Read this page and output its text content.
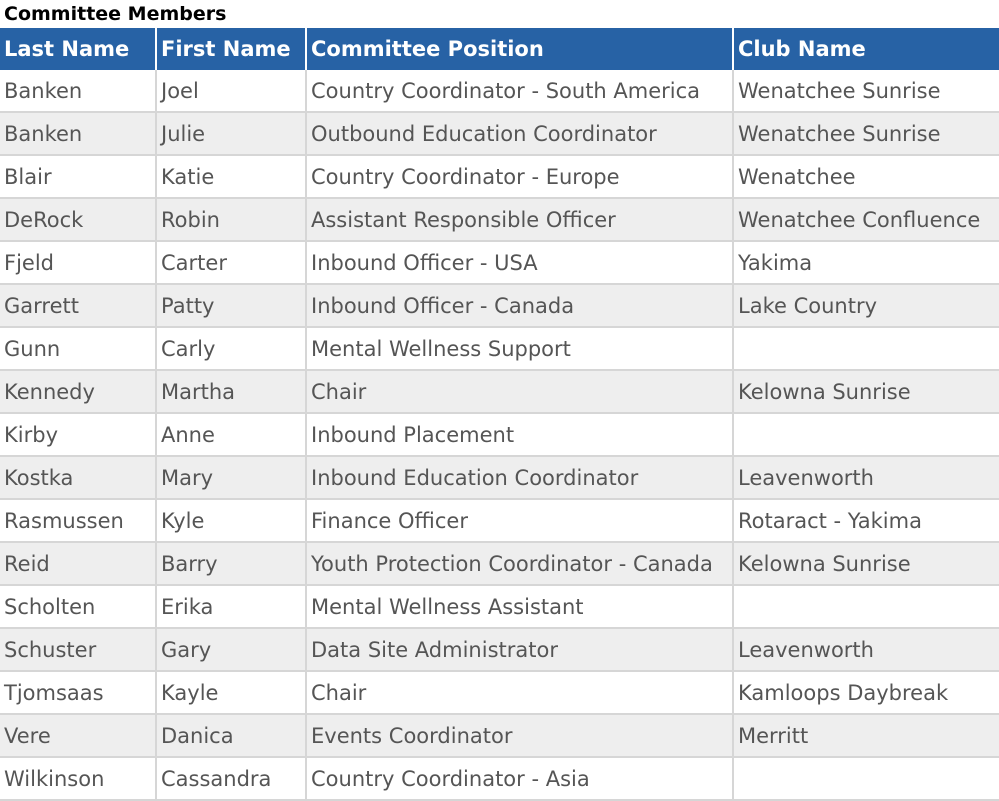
Committee Members
Last Name	First Name	Committee Position	Club Name
Banken	Joel	Country Coordinator - South America	Wenatchee Sunrise
Banken	Julie	Outbound Education Coordinator	Wenatchee Sunrise
Blair	Katie	Country Coordinator - Europe	Wenatchee
DeRock	Robin	Assistant Responsible Officer	Wenatchee Confluence
Fjeld	Carter	Inbound Officer - USA	Yakima
Garrett	Patty	Inbound Officer - Canada	Lake Country
Gunn	Carly	Mental Wellness Support	
Kennedy	Martha	Chair	Kelowna Sunrise
Kirby	Anne	Inbound Placement	
Kostka	Mary	Inbound Education Coordinator	Leavenworth
Rasmussen	Kyle	Finance Officer	Rotaract - Yakima
Reid	Barry	Youth Protection Coordinator - Canada	Kelowna Sunrise
Scholten	Erika	Mental Wellness Assistant	
Schuster	Gary	Data Site Administrator	Leavenworth
Tjomsaas	Kayle	Chair	Kamloops Daybreak
Vere	Danica	Events Coordinator	Merritt
Wilkinson	Cassandra	Country Coordinator - Asia	
